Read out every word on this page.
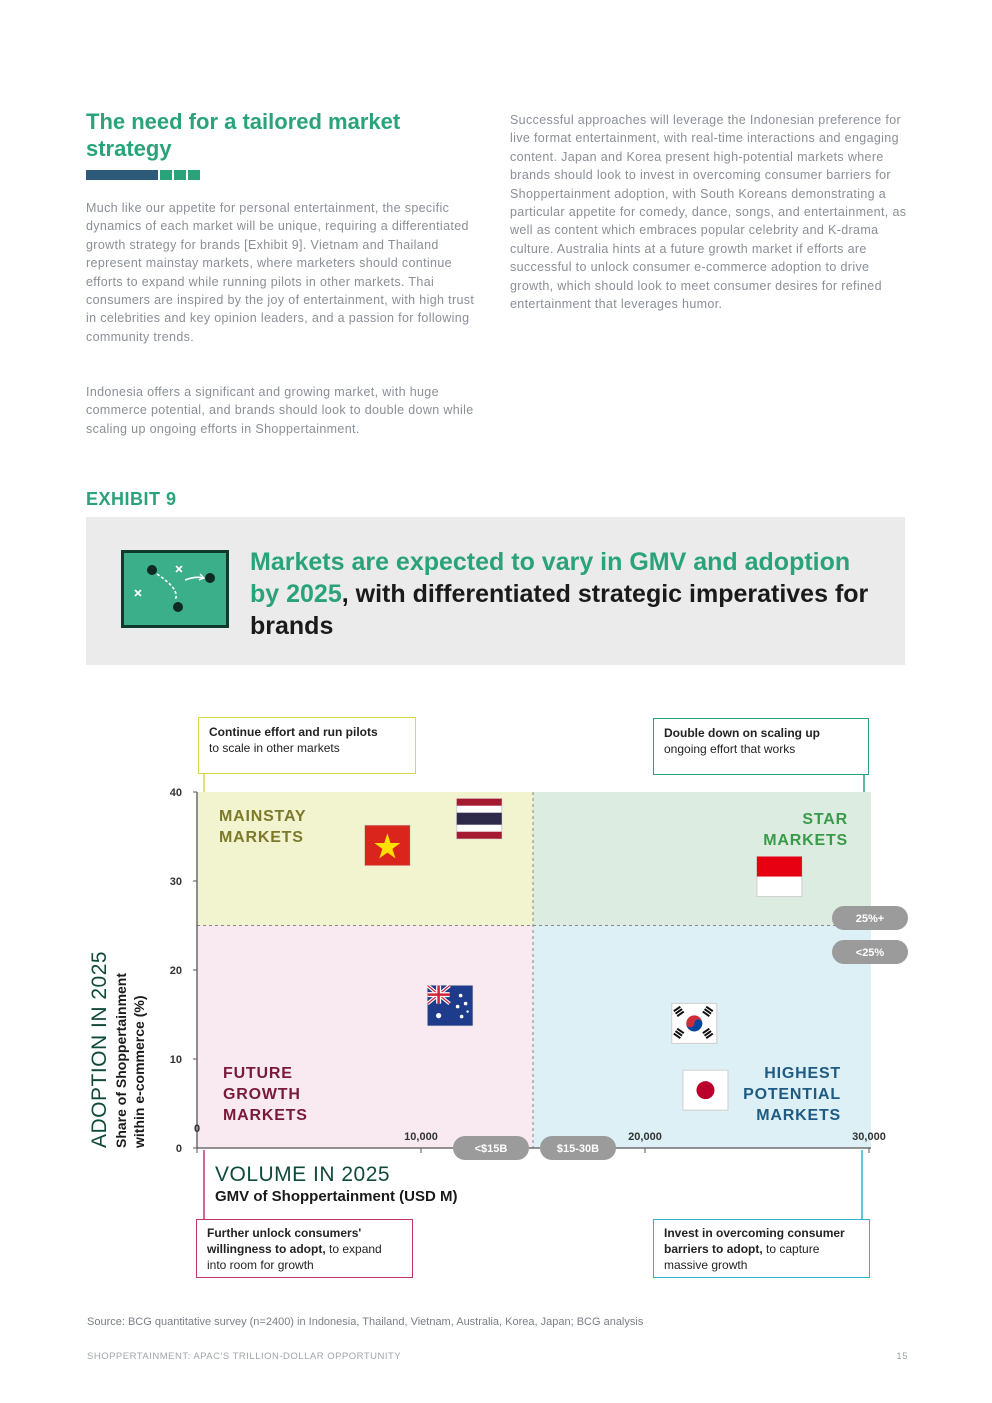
The need for a tailored market strategy

Much like our appetite for personal entertainment, the specific dynamics of each market will be unique, requiring a differentiated growth strategy for brands [Exhibit 9]. Vietnam and Thailand represent mainstay markets, where marketers should continue efforts to expand while running pilots in other markets. Thai consumers are inspired by the joy of entertainment, with high trust in celebrities and key opinion leaders, and a passion for following community trends.

Indonesia offers a significant and growing market, with huge commerce potential, and brands should look to double down while scaling up ongoing efforts in Shoppertainment.

Successful approaches will leverage the Indonesian preference for live format entertainment, with real-time interactions and engaging content. Japan and Korea present high-potential markets where brands should look to invest in overcoming consumer barriers for Shoppertainment adoption, with South Koreans demonstrating a particular appetite for comedy, dance, songs, and entertainment, as well as content which embraces popular celebrity and K-drama culture. Australia hints at a future growth market if efforts are successful to unlock consumer e-commerce adoption to drive growth, which should look to meet consumer desires for refined entertainment that leverages humor.

EXHIBIT 9
Markets are expected to vary in GMV and adoption by 2025, with differentiated strategic imperatives for brands
0
10
20
30
40
0
10,000	20,000	30,000
MAINSTAY MARKETS
STAR MARKETS
FUTURE GROWTH MARKETS
HIGHEST POTENTIAL MARKETS
<$15B	$15-30B
25%+
<25%
VOLUME IN 2025
GMV of Shoppertainment (USD M)
ADOPTION IN 2025 Share of Shoppertainment within e-commerce (%)
Continue effort and run pilots
to scale in other markets
Double down on scaling up
ongoing effort that works
Further unlock consumers' willingness to adopt, to expand into room for growth
Invest in overcoming consumer barriers to adopt, to capture massive growth
Source: BCG quantitative survey (n=2400) in Indonesia, Thailand, Vietnam, Australia, Korea, Japan; BCG analysis
SHOPPERTAINMENT: APAC'S TRILLION-DOLLAR OPPORTUNITY	15
